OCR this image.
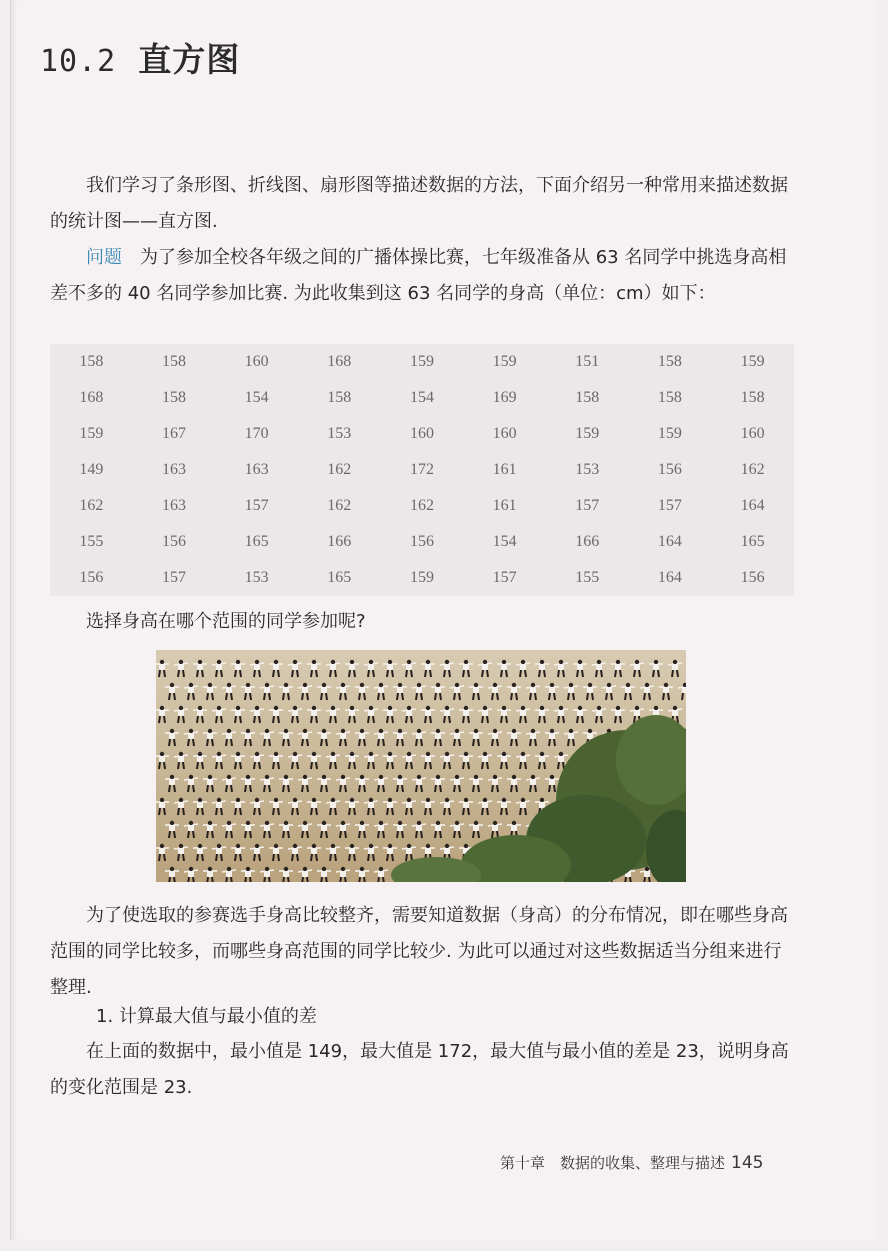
10.2 直方图
我们学习了条形图、折线图、扇形图等描述数据的方法，下面介绍另一种常用来描述数据的统计图——直方图.
问题　 为了参加全校各年级之间的广播体操比赛，七年级准备从 63 名同学中挑选身高相差不多的 40 名同学参加比赛. 为此收集到这 63 名同学的身高（单位：cm）如下：
158	158	160	168	159	159	151	158	159
168	158	154	158	154	169	158	158	158
159	167	170	153	160	160	159	159	160
149	163	163	162	172	161	153	156	162
162	163	157	162	162	161	157	157	164
155	156	165	166	156	154	166	164	165
156	157	153	165	159	157	155	164	156
选择身高在哪个范围的同学参加呢?
为了使选取的参赛选手身高比较整齐，需要知道数据（身高）的分布情况，即在哪些身高范围的同学比较多，而哪些身高范围的同学比较少. 为此可以通过对这些数据适当分组来进行整理.
1. 计算最大值与最小值的差
在上面的数据中，最小值是 149，最大值是 172，最大值与最小值的差是 23，说明身高的变化范围是 23.
第十章　数据的收集、整理与描述 145
